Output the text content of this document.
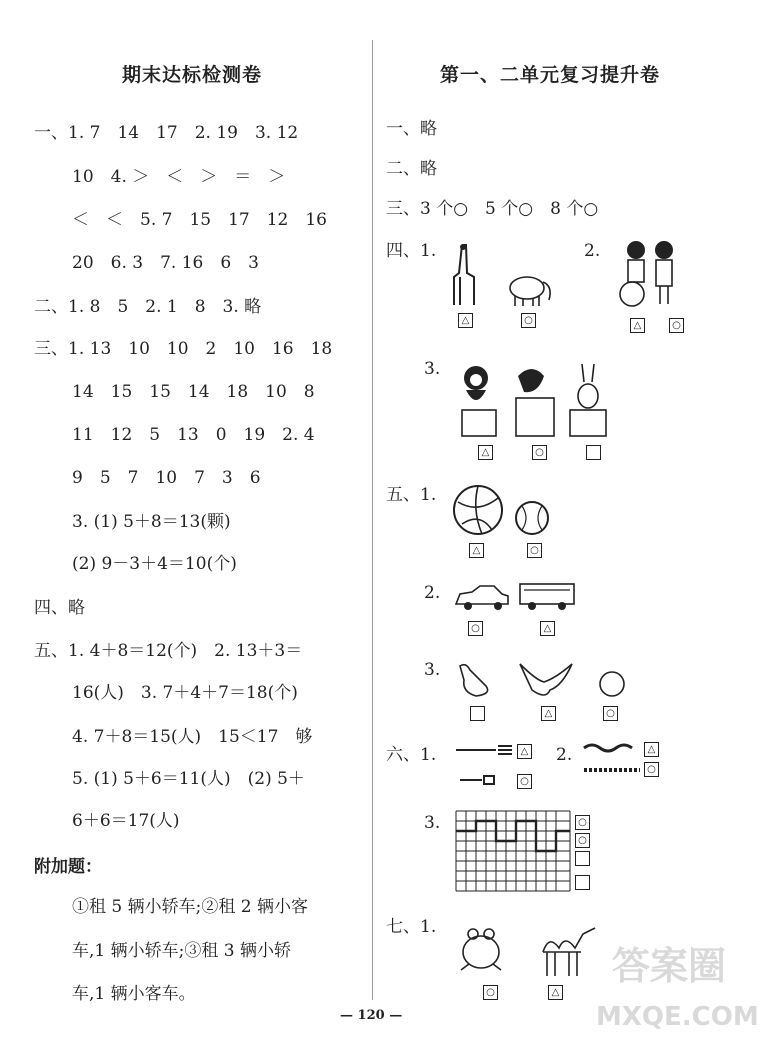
期末达标检测卷
一、1. 7　14　17　2. 19　3. 12
10　4. ＞　＜　＞　＝　＞
＜　＜　5. 7　15　17　12　16
20　6. 3　7. 16　6　3
二、1. 8　5　2. 1　8　3. 略
三、1. 13　10　10　2　10　16　18
14　15　15　14　18　10　8
11　12　5　13　0　19　2. 4
9　5　7　10　7　3　6
3. (1) 5＋8＝13(颗)
(2) 9－3＋4＝10(个)
四、略
五、1. 4＋8＝12(个)　2. 13＋3＝
16(人)　3. 7＋4＋7＝18(个)
4. 7＋8＝15(人)　15＜17　够
5. (1) 5＋6＝11(人)　(2) 5＋
6＋6＝17(人)
附加题：
①租 5 辆小轿车;②租 2 辆小客
车,1 辆小轿车;③租 3 辆小轿
车,1 辆小客车。
第一、二单元复习提升卷
一、略
二、略
三、3 个○　5 个○　8 个○
四、1.
△	○
2.
△	○
3.
△	○
五、1.
△	○
2.
○	△
3.
△	○
六、1.	△
○
2.	△
○
3.	○
○
七、1.
○	△
— 120 —
答案圈
MXQE.COM
